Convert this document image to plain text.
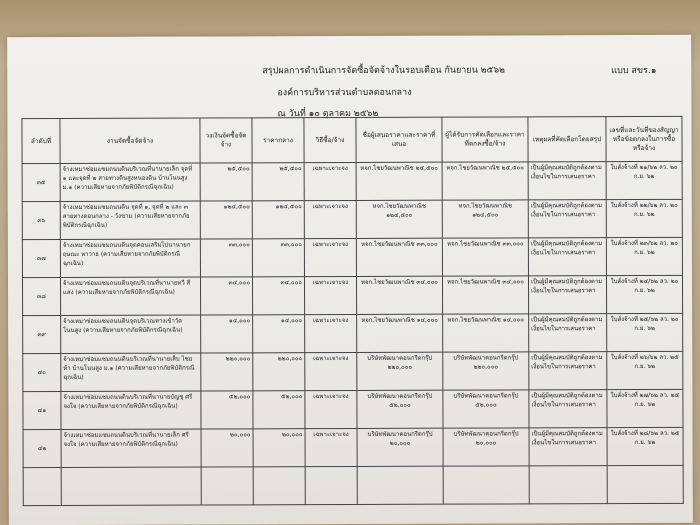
สรุปผลการดำเนินการจัดซื้อจัดจ้างในรอบเดือน กันยายน ๒๕๖๒	แบบ สขร.๑
องค์การบริหารส่วนตำบลดอนกลาง
ณ วันที่ ๑๐ ตุลาคม ๒๕๖๒
ลำดับที่	งานจัดซื้อจัดจ้าง	วงเงินจัดซื้อจัดจ้าง	ราคากลาง	วิธีซื้อ/จ้าง	ชื่อผู้เสนอราคาและราคาที่เสนอ	ผู้ได้รับการคัดเลือกและราคาที่ตกลงซื้อ/จ้าง	เหตุผลที่คัดเลือกโดยสรุป	เลขที่และวันที่ของสัญญาหรือข้อตกลงในการซื้อหรือจ้าง
๓๕	จ้างเหมาซ่อมแซมถนนดินบริเวณที่นานายเล็ก จุดที่ ๑ และจุดที่ ๒ สายทางดินสูงหนองดิน บ้านโนนสูง ม.๑ (ความเสียหายจากภัยพิบัติกรณีฉุกเฉิน)	๒๕,๕๐๐	๒๕,๕๐๐	เฉพาะเจาะจง	หจก.ไชยวัฒนพาณิช ๒๕,๕๐๐	หจก.ไชยวัฒนพาณิช ๒๕,๕๐๐	เป็นผู้มีคุณสมบัติถูกต้องตามเงื่อนไขในการเสนอราคา	ใบสั่งจ้างที่ ๒๑/๖๒ ลว. ๒๐ ก.ย. ๖๒
๓๖	จ้างเหมาซ่อมแซมถนนดิน จุดที่ ๑, จุดที่ ๒ และ ๓ สายทางดอนกลาง - วังขาม (ความเสียหายจากภัยพิบัติกรณีฉุกเฉิน)	๑๒๔,๕๐๐	๑๒๔,๕๐๐	เฉพาะเจาะจง	หจก.ไชยวัฒนพาณิช ๑๒๔,๕๐๐	หจก.ไชยวัฒนพาณิช ๑๒๔,๕๐๐	เป็นผู้มีคุณสมบัติถูกต้องตามเงื่อนไขในการเสนอราคา	ใบสั่งจ้างที่ ๒๒/๖๒ ลว. ๒๐ ก.ย. ๖๒
๓๗	จ้างเหมาซ่อมแซมถนนดินจุดคอนเสริมไปนานายกฤษณะ พาวาธ (ความเสียหายจากภัยพิบัติกรณีฉุกเฉิน)	๓๓,๐๐๐	๓๓,๐๐๐	เฉพาะเจาะจง	หจก.ไชยวัฒนพาณิช ๓๓,๐๐๐	หจก.ไชยวัฒนพาณิช ๓๓,๐๐๐	เป็นผู้มีคุณสมบัติถูกต้องตามเงื่อนไขในการเสนอราคา	ใบสั่งจ้างที่ ๒๓/๖๒ ลว. ๒๐ ก.ย. ๖๒
๓๘	จ้างเหมาซ่อมแซมถนนดินจุดบริเวณที่นานายทวี สีแสง (ความเสียหายจากภัยพิบัติกรณีฉุกเฉิน)	๓๔,๐๐๐	๓๔,๐๐๐	เฉพาะเจาะจง	หจก.ไชยวัฒนพาณิช ๓๔,๐๐๐	หจก.ไชยวัฒนพาณิช ๓๔,๐๐๐	เป็นผู้มีคุณสมบัติถูกต้องตามเงื่อนไขในการเสนอราคา	ใบสั่งจ้างที่ ๒๔/๖๒ ลว. ๒๐ ก.ย. ๖๒
๓๙	จ้างเหมาซ่อมแซมถนนดินจุดบริเวณทางเข้าวัดโนนสูง (ความเสียหายจากภัยพิบัติกรณีฉุกเฉิน)	๑๔,๐๐๐	๑๔,๐๐๐	เฉพาะเจาะจง	หจก.ไชยวัฒนพาณิช ๑๔,๐๐๐	หจก.ไชยวัฒนพาณิช ๑๔,๐๐๐	เป็นผู้มีคุณสมบัติถูกต้องตามเงื่อนไขในการเสนอราคา	ใบสั่งจ้างที่ ๒๕/๖๒ ลว. ๒๐ ก.ย. ๖๒
๔๐	จ้างเหมาซ่อมแซมถนนดินบริเวณที่นานายเส็บ ไชยห้า บ้านโนนสูง ม.๑ (ความเสียหายจากภัยพิบัติกรณีฉุกเฉิน)	๒๒๐,๐๐๐	๒๒๐,๐๐๐	เฉพาะเจาะจง	บริษัทพัฒนาคอนกรีตกรุ๊ป ๒๒๐,๐๐๐	บริษัทพัฒนาคอนกรีตกรุ๊ป ๒๒๐,๐๐๐	เป็นผู้มีคุณสมบัติถูกต้องตามเงื่อนไขในการเสนอราคา	ใบสั่งจ้างที่ ๒๖/๖๒ ลว. ๒๕ ก.ย. ๖๒
๔๑	จ้างเหมาซ่อมแซมถนนดินบริเวณที่นานายบัญชุ ศรีจงใจ (ความเสียหายจากภัยพิบัติกรณีฉุกเฉิน)	๕๒,๐๐๐	๕๒,๐๐๐	เฉพาะเจาะจง	บริษัทพัฒนาคอนกรีตกรุ๊ป ๕๒,๐๐๐	บริษัทพัฒนาคอนกรีตกรุ๊ป ๕๒,๐๐๐	เป็นผู้มีคุณสมบัติถูกต้องตามเงื่อนไขในการเสนอราคา	ใบสั่งจ้างที่ ๒๗/๖๒ ลว. ๒๕ ก.ย. ๖๒
๔๒	จ้างเหมาซ่อมแซมถนนดินบริเวณที่นานายเล็ก ศรีจงใจ (ความเสียหายจากภัยพิบัติกรณีฉุกเฉิน)	๒๐,๐๐๐	๒๐,๐๐๐	เฉพาะเจาะจง	บริษัทพัฒนาคอนกรีตกรุ๊ป ๒๐,๐๐๐	บริษัทพัฒนาคอนกรีตกรุ๊ป ๒๐,๐๐๐	เป็นผู้มีคุณสมบัติถูกต้องตามเงื่อนไขในการเสนอราคา	ใบสั่งจ้างที่ ๒๘/๖๒ ลว. ๒๕ ก.ย. ๖๒
